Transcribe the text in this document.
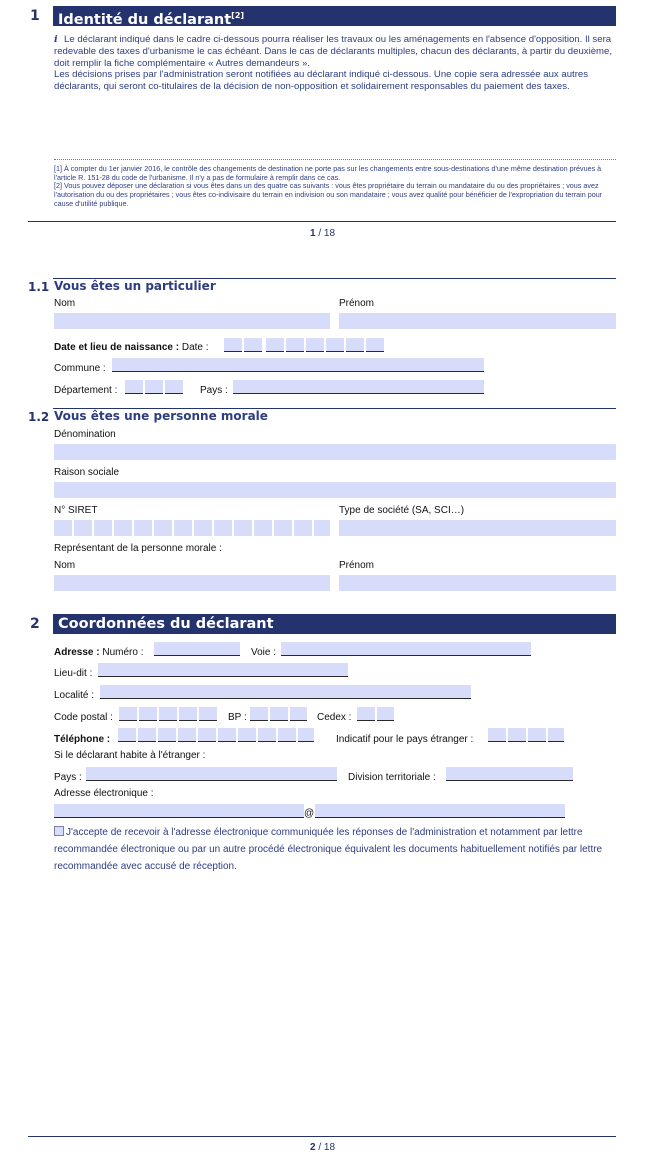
1	Identité du déclarant[2]

i Le déclarant indiqué dans le cadre ci-dessous pourra réaliser les travaux ou les aménagements en l'absence d'opposition. Il sera redevable des taxes d'urbanisme le cas échéant. Dans le cas de déclarants multiples, chacun des déclarants, à partir du deuxième, doit remplir la fiche complémentaire « Autres demandeurs ».

Les décisions prises par l'administration seront notifiées au déclarant indiqué ci-dessous. Une copie sera adressée aux autres déclarants, qui seront co-titulaires de la décision de non-opposition et solidairement responsables du paiement des taxes.

[1] À compter du 1er janvier 2016, le contrôle des changements de destination ne porte pas sur les changements entre sous-destinations d'une même destination prévues à l'article R. 151-28 du code de l'urbanisme. Il n'y a pas de formulaire à remplir dans ce cas.

[2] Vous pouvez déposer une déclaration si vous êtes dans un des quatre cas suivants : vous êtes propriétaire du terrain ou mandataire du ou des propriétaires ; vous avez l'autorisation du ou des propriétaires ; vous êtes co-indivisaire du terrain en indivision ou son mandataire ; vous avez qualité pour bénéficier de l'expropriation du terrain pour cause d'utilité publique.

1 / 18
1.1 Vous êtes un particulier
Nom	Prénom
Date et lieu de naissance : Date :
Commune :
Département :	Pays :
1.2 Vous êtes une personne morale
Dénomination
Raison sociale
N° SIRET	Type de société (SA, SCI…)
Représentant de la personne morale :
Nom	Prénom
2	Coordonnées du déclarant
Adresse : Numéro :	Voie :
Lieu-dit :
Localité :
Code postal :	BP :	Cedex :
Téléphone :	Indicatif pour le pays étranger :
Si le déclarant habite à l'étranger :
Pays :	Division territoriale :
Adresse électronique :
@
J'accepte de recevoir à l'adresse électronique communiquée les réponses de l'administration et notamment par lettre recommandée électronique ou par un autre procédé électronique équivalent les documents habituellement notifiés par lettre recommandée avec accusé de réception.
2 / 18
